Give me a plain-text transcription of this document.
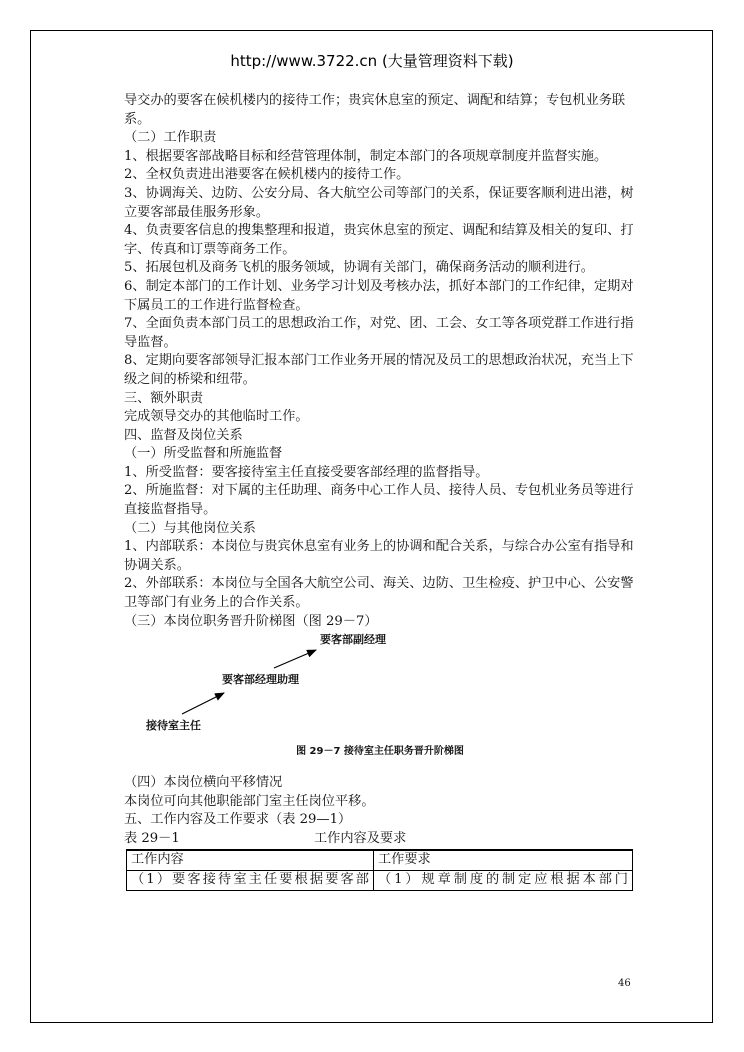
http://www.3722.cn (大量管理资料下载)

导交办的要客在候机楼内的接待工作；贵宾休息室的预定、调配和结算；专包机业务联系。

（二）工作职责

1、根据要客部战略目标和经营管理体制，制定本部门的各项规章制度并监督实施。

2、全权负责进出港要客在候机楼内的接待工作。

3、协调海关、边防、公安分局、各大航空公司等部门的关系，保证要客顺利进出港，树立要客部最佳服务形象。

4、负责要客信息的搜集整理和报道，贵宾休息室的预定、调配和结算及相关的复印、打字、传真和订票等商务工作。

5、拓展包机及商务飞机的服务领域，协调有关部门，确保商务活动的顺利进行。

6、制定本部门的工作计划、业务学习计划及考核办法，抓好本部门的工作纪律，定期对下属员工的工作进行监督检查。

7、全面负责本部门员工的思想政治工作，对党、团、工会、女工等各项党群工作进行指导监督。

8、定期向要客部领导汇报本部门工作业务开展的情况及员工的思想政治状况，充当上下级之间的桥梁和纽带。

三、额外职责

完成领导交办的其他临时工作。

四、监督及岗位关系

（一）所受监督和所施监督

1、所受监督：要客接待室主任直接受要客部经理的监督指导。

2、所施监督：对下属的主任助理、商务中心工作人员、接待人员、专包机业务员等进行直接监督指导。

（二）与其他岗位关系

1、内部联系：本岗位与贵宾休息室有业务上的协调和配合关系，与综合办公室有指导和协调关系。

2、外部联系：本岗位与全国各大航空公司、海关、边防、卫生检疫、护卫中心、公安警卫等部门有业务上的合作关系。

（三）本岗位职务晋升阶梯图（图 29－7）

接待室主任
要客部经理助理
要客部副经理
图 29－7 接待室主任职务晋升阶梯图

（四）本岗位横向平移情况

本岗位可向其他职能部门室主任岗位平移。

五、工作内容及工作要求（表 29—1）

表 29－1	工作内容及要求
工作内容	工作要求
（1）要客接待室主任要根据要客部	（1）规章制度的制定应根据本部门
46
